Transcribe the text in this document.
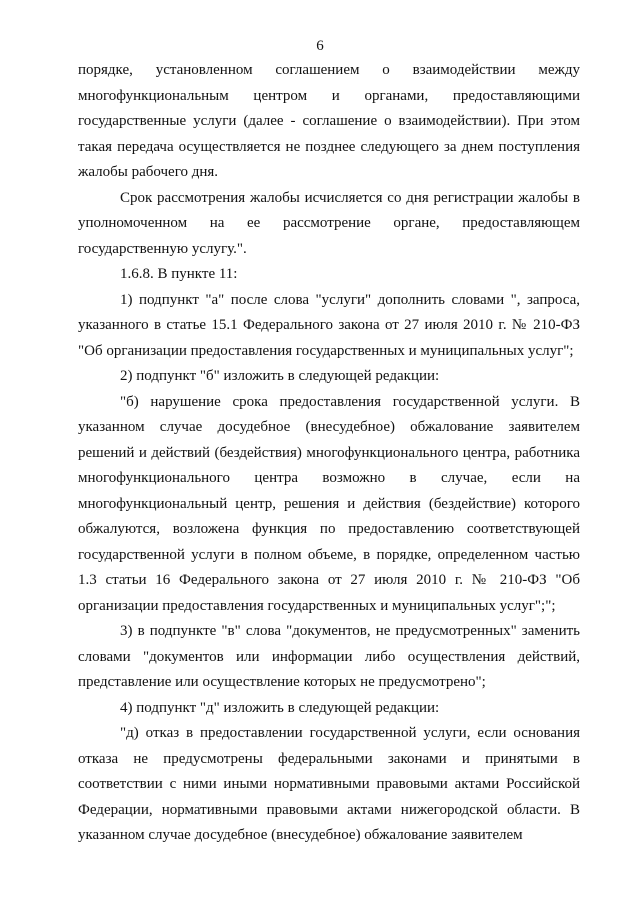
6

порядке, установленном соглашением о взаимодействии между многофункциональным центром и органами, предоставляющими государственные услуги (далее - соглашение о взаимодействии). При этом такая передача осуществляется не позднее следующего за днем поступления жалобы рабочего дня.

Срок рассмотрения жалобы исчисляется со дня регистрации жалобы в уполномоченном на ее рассмотрение органе, предоставляющем государственную услугу.".

1.6.8. В пункте 11:

1) подпункт "а" после слова "услуги" дополнить словами ", запроса, указанного в статье 15.1 Федерального закона от 27 июля 2010 г. № 210-ФЗ "Об организации предоставления государственных и муниципальных услуг";

2) подпункт "б" изложить в следующей редакции:

"б) нарушение срока предоставления государственной услуги. В указанном случае досудебное (внесудебное) обжалование заявителем решений и действий (бездействия) многофункционального центра, работника многофункционального центра возможно в случае, если на многофункциональный центр, решения и действия (бездействие) которого обжалуются, возложена функция по предоставлению соответствующей государственной услуги в полном объеме, в порядке, определенном частью 1.3 статьи 16 Федерального закона от 27 июля 2010 г. № 210-ФЗ "Об организации предоставления государственных и муниципальных услуг";";

3) в подпункте "в" слова "документов, не предусмотренных" заменить словами "документов или информации либо осуществления действий, представление или осуществление которых не предусмотрено";

4) подпункт "д" изложить в следующей редакции:

"д) отказ в предоставлении государственной услуги, если основания отказа не предусмотрены федеральными законами и принятыми в соответствии с ними иными нормативными правовыми актами Российской Федерации, нормативными правовыми актами нижегородской области. В указанном случае досудебное (внесудебное) обжалование заявителем
